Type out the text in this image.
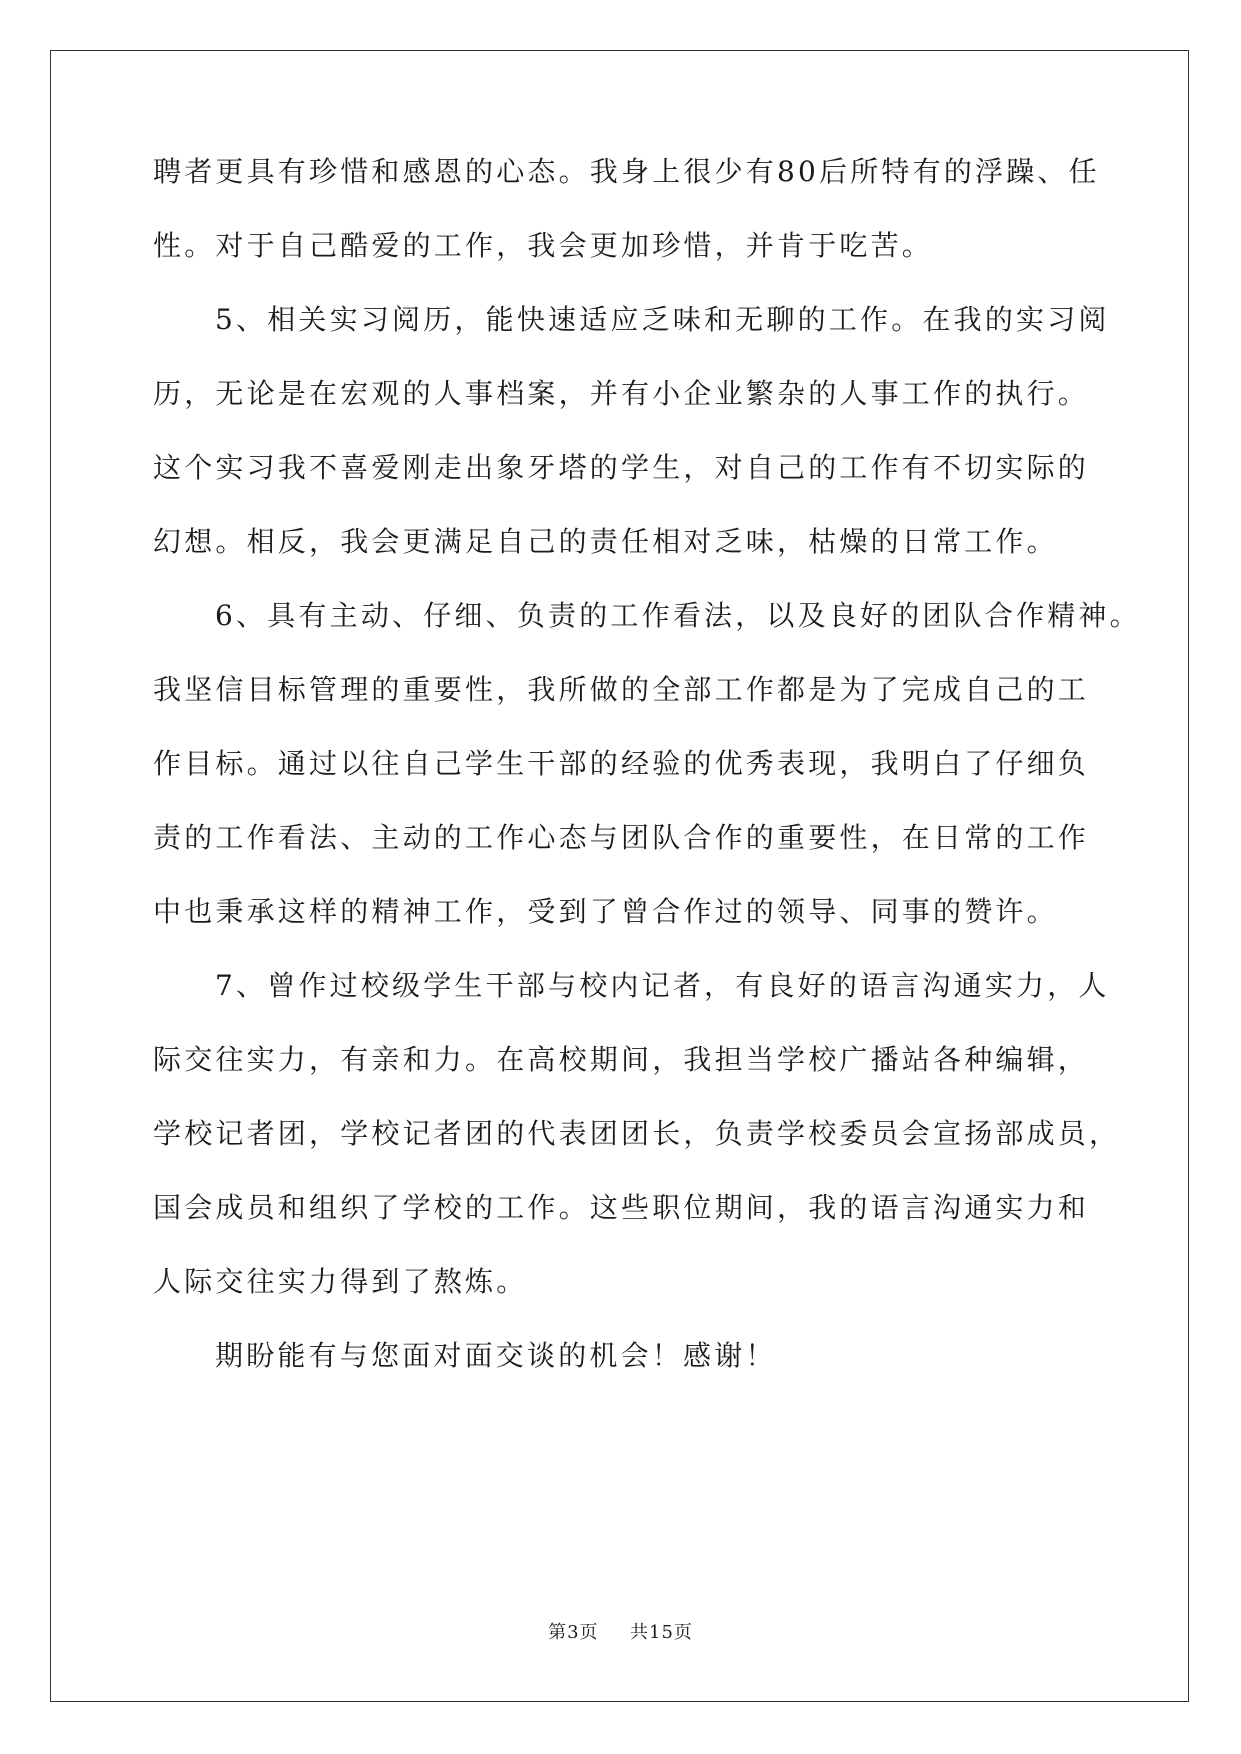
聘者更具有珍惜和感恩的心态。我身上很少有80后所特有的浮躁、任
性。对于自己酷爱的工作，我会更加珍惜，并肯于吃苦。
5、相关实习阅历，能快速适应乏味和无聊的工作。在我的实习阅
历，无论是在宏观的人事档案，并有小企业繁杂的人事工作的执行。
这个实习我不喜爱刚走出象牙塔的学生，对自己的工作有不切实际的
幻想。相反，我会更满足自己的责任相对乏味，枯燥的日常工作。
6、具有主动、仔细、负责的工作看法，以及良好的团队合作精神。
我坚信目标管理的重要性，我所做的全部工作都是为了完成自己的工
作目标。通过以往自己学生干部的经验的优秀表现，我明白了仔细负
责的工作看法、主动的工作心态与团队合作的重要性，在日常的工作
中也秉承这样的精神工作，受到了曾合作过的领导、同事的赞许。
7、曾作过校级学生干部与校内记者，有良好的语言沟通实力，人
际交往实力，有亲和力。在高校期间，我担当学校广播站各种编辑，
学校记者团，学校记者团的代表团团长，负责学校委员会宣扬部成员，
国会成员和组织了学校的工作。这些职位期间，我的语言沟通实力和
人际交往实力得到了熬炼。
期盼能有与您面对面交谈的机会！感谢！
第3页 共15页
